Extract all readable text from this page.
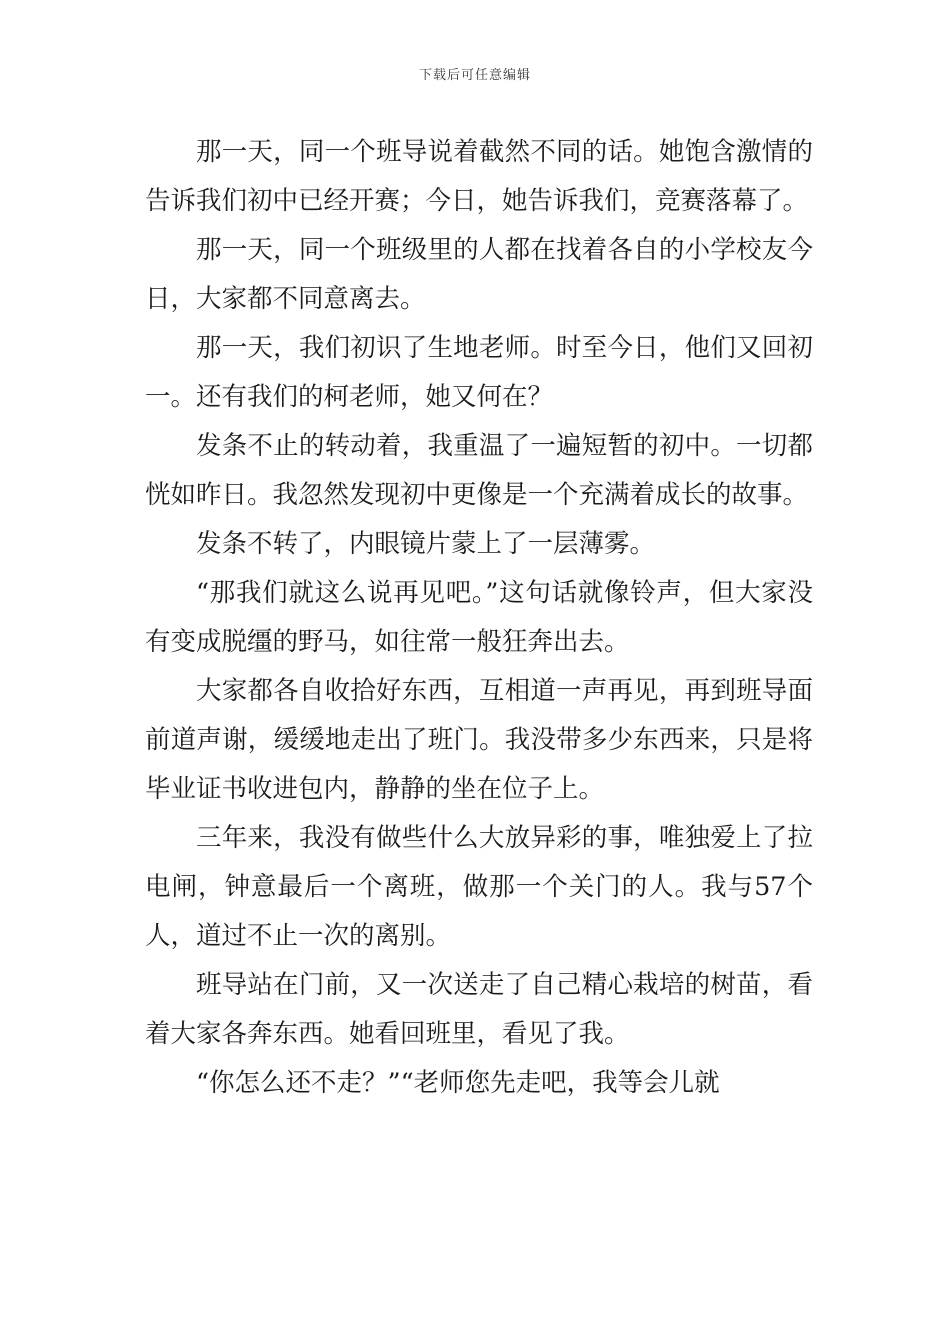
下载后可任意编辑

那一天，同一个班导说着截然不同的话。她饱含激情的告诉我们初中已经开赛；今日，她告诉我们，竞赛落幕了。

那一天，同一个班级里的人都在找着各自的小学校友今日，大家都不同意离去。

那一天，我们初识了生地老师。时至今日，他们又回初一。还有我们的柯老师，她又何在？

发条不止的转动着，我重温了一遍短暂的初中。一切都恍如昨日。我忽然发现初中更像是一个充满着成长的故事。

发条不转了，内眼镜片蒙上了一层薄雾。

“那我们就这么说再见吧。”这句话就像铃声，但大家没有变成脱缰的野马，如往常一般狂奔出去。

大家都各自收拾好东西，互相道一声再见，再到班导面前道声谢，缓缓地走出了班门。我没带多少东西来，只是将毕业证书收进包内，静静的坐在位子上。

三年来，我没有做些什么大放异彩的事，唯独爱上了拉电闸，钟意最后一个离班，做那一个关门的人。我与57个人，道过不止一次的离别。

班导站在门前，又一次送走了自己精心栽培的树苗，看着大家各奔东西。她看回班里，看见了我。

“你怎么还不走？”“老师您先走吧，我等会儿就
